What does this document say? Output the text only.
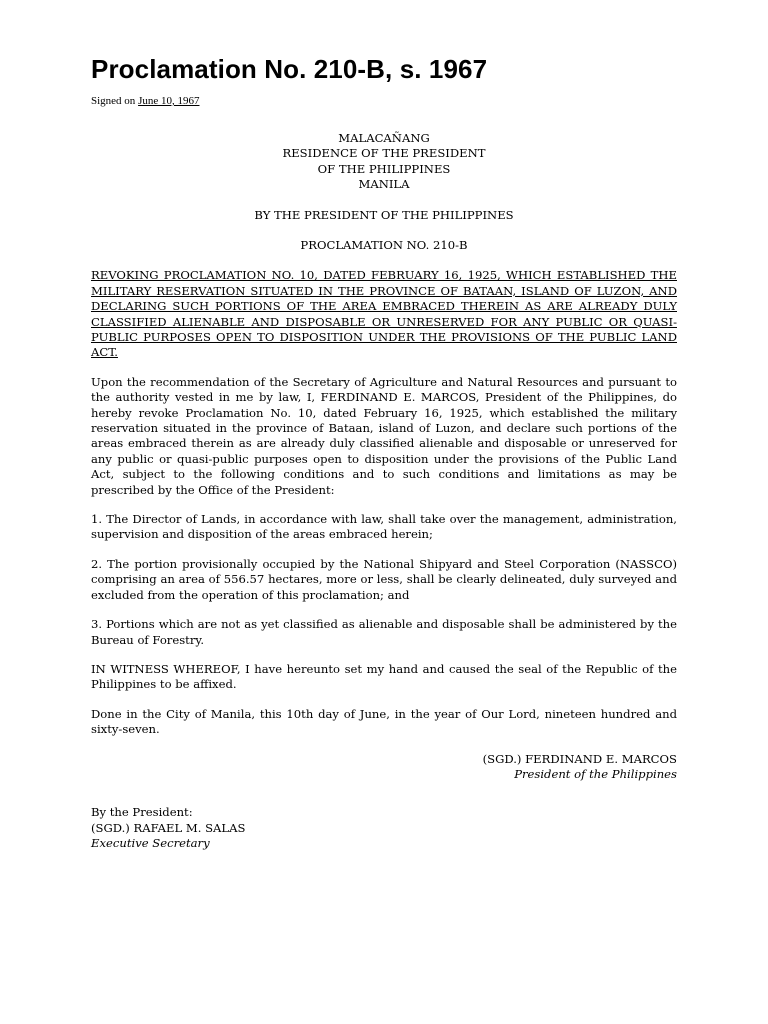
Proclamation No. 210-B, s. 1967
Signed on June 10, 1967
MALACAÑANG
RESIDENCE OF THE PRESIDENT
OF THE PHILIPPINES
MANILA
BY THE PRESIDENT OF THE PHILIPPINES
PROCLAMATION NO. 210-B
REVOKING PROCLAMATION NO. 10, DATED FEBRUARY 16, 1925, WHICH ESTABLISHED THE MILITARY RESERVATION SITUATED IN THE PROVINCE OF BATAAN, ISLAND OF LUZON, AND DECLARING SUCH PORTIONS OF THE AREA EMBRACED THEREIN AS ARE ALREADY DULY CLASSIFIED ALIENABLE AND DISPOSABLE OR UNRESERVED FOR ANY PUBLIC OR QUASI-PUBLIC PURPOSES OPEN TO DISPOSITION UNDER THE PROVISIONS OF THE PUBLIC LAND ACT.
Upon the recommendation of the Secretary of Agriculture and Natural Resources and pursuant to the authority vested in me by law, I, FERDINAND E. MARCOS, President of the Philippines, do hereby revoke Proclamation No. 10, dated February 16, 1925, which established the military reservation situated in the province of Bataan, island of Luzon, and declare such portions of the areas embraced therein as are already duly classified alienable and disposable or unreserved for any public or quasi-public purposes open to disposition under the provisions of the Public Land Act, subject to the following conditions and to such conditions and limitations as may be prescribed by the Office of the President:
1. The Director of Lands, in accordance with law, shall take over the management, administration, supervision and disposition of the areas embraced herein;
2. The portion provisionally occupied by the National Shipyard and Steel Corporation (NASSCO) comprising an area of 556.57 hectares, more or less, shall be clearly delineated, duly surveyed and excluded from the operation of this proclamation; and
3. Portions which are not as yet classified as alienable and disposable shall be administered by the Bureau of Forestry.
IN WITNESS WHEREOF, I have hereunto set my hand and caused the seal of the Republic of the Philippines to be affixed.
Done in the City of Manila, this 10th day of June, in the year of Our Lord, nineteen hundred and sixty-seven.
(SGD.) FERDINAND E. MARCOS
President of the Philippines
By the President:
(SGD.) RAFAEL M. SALAS
Executive Secretary
